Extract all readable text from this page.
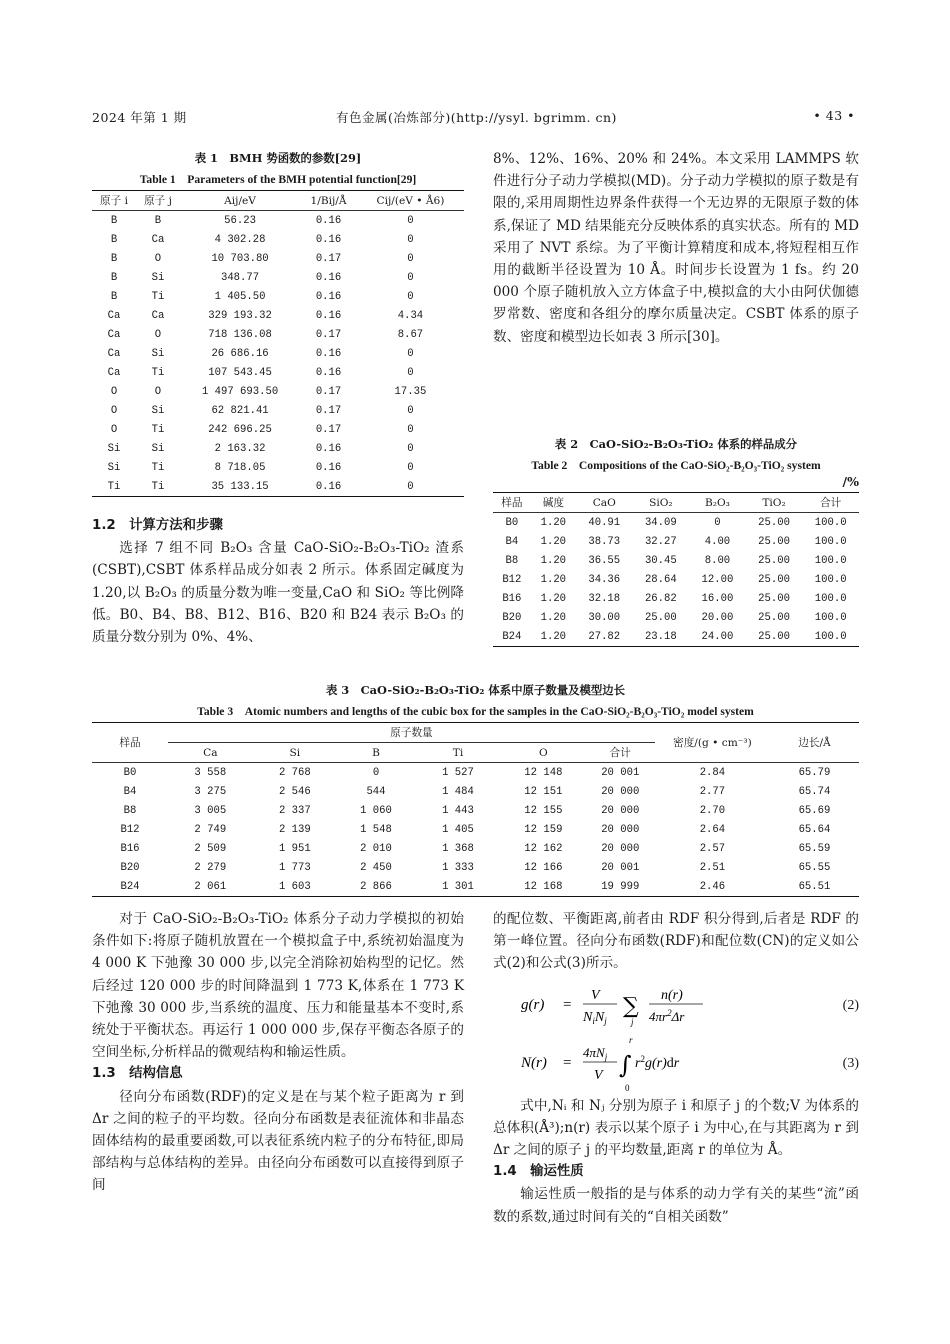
2024 年第 1 期	有色金属(冶炼部分)(http://ysyl. bgrimm. cn)	• 43 •
表 1　BMH 势函数的参数[29]
Table 1　Parameters of the BMH potential function[29]
原子 i	原子 j	Aij/eV	1/Bij/Å	Cij/(eV • Å6)
B	B	56.23	0.16	0
B	Ca	4 302.28	0.16	0
B	O	10 703.80	0.17	0
B	Si	348.77	0.16	0
B	Ti	1 405.50	0.16	0
Ca	Ca	329 193.32	0.16	4.34
Ca	O	718 136.08	0.17	8.67
Ca	Si	26 686.16	0.16	0
Ca	Ti	107 543.45	0.16	0
O	O	1 497 693.50	0.17	17.35
O	Si	62 821.41	0.17	0
O	Ti	242 696.25	0.17	0
Si	Si	2 163.32	0.16	0
Si	Ti	8 718.05	0.16	0
Ti	Ti	35 133.15	0.16	0

1.2　计算方法和步骤

选择 7 组不同 B₂O₃ 含量 CaO-SiO₂-B₂O₃-TiO₂ 渣系(CSBT),CSBT 体系样品成分如表 2 所示。体系固定碱度为 1.20,以 B₂O₃ 的质量分数为唯一变量,CaO 和 SiO₂ 等比例降低。B0、B4、B8、B12、B16、B20 和 B24 表示 B₂O₃ 的质量分数分别为 0%、4%、

8%、12%、16%、20% 和 24%。本文采用 LAMMPS 软件进行分子动力学模拟(MD)。分子动力学模拟的原子数是有限的,采用周期性边界条件获得一个无边界的无限原子数的体系,保证了 MD 结果能充分反映体系的真实状态。所有的 MD 采用了 NVT 系综。为了平衡计算精度和成本,将短程相互作用的截断半径设置为 10 Å。时间步长设置为 1 fs。约 20 000 个原子随机放入立方体盒子中,模拟盒的大小由阿伏伽德罗常数、密度和各组分的摩尔质量决定。CSBT 体系的原子数、密度和模型边长如表 3 所示[30]。

表 2　CaO-SiO₂-B₂O₃-TiO₂ 体系的样品成分
Table 2　Compositions of the CaO-SiO₂-B₂O₃-TiO₂ system
/%
样品	碱度	CaO	SiO₂	B₂O₃	TiO₂	合计
B0	1.20	40.91	34.09	0	25.00	100.0
B4	1.20	38.73	32.27	4.00	25.00	100.0
B8	1.20	36.55	30.45	8.00	25.00	100.0
B12	1.20	34.36	28.64	12.00	25.00	100.0
B16	1.20	32.18	26.82	16.00	25.00	100.0
B20	1.20	30.00	25.00	20.00	25.00	100.0
B24	1.20	27.82	23.18	24.00	25.00	100.0
表 3　CaO-SiO₂-B₂O₃-TiO₂ 体系中原子数量及模型边长
Table 3　Atomic numbers and lengths of the cubic box for the samples in the CaO-SiO₂-B₂O₃-TiO₂ model system
样品	原子数量						密度/(g • cm⁻³)	边长/Å
	Ca	Si	B	Ti	O	合计		
B0	3 558	2 768	0	1 527	12 148	20 001	2.84	65.79
B4	3 275	2 546	544	1 484	12 151	20 000	2.77	65.74
B8	3 005	2 337	1 060	1 443	12 155	20 000	2.70	65.69
B12	2 749	2 139	1 548	1 405	12 159	20 000	2.64	65.64
B16	2 509	1 951	2 010	1 368	12 162	20 000	2.57	65.59
B20	2 279	1 773	2 450	1 333	12 166	20 001	2.51	65.55
B24	2 061	1 603	2 866	1 301	12 168	19 999	2.46	65.51

对于 CaO-SiO₂-B₂O₃-TiO₂ 体系分子动力学模拟的初始条件如下:将原子随机放置在一个模拟盒子中,系统初始温度为 4 000 K 下弛豫 30 000 步,以完全消除初始构型的记忆。然后经过 120 000 步的时间降温到 1 773 K,体系在 1 773 K 下弛豫 30 000 步,当系统的温度、压力和能量基本不变时,系统处于平衡状态。再运行 1 000 000 步,保存平衡态各原子的空间坐标,分析样品的微观结构和输运性质。

1.3　结构信息

径向分布函数(RDF)的定义是在与某个粒子距离为 r 到 Δr 之间的粒子的平均数。径向分布函数是表征流体和非晶态固体结构的最重要函数,可以表征系统内粒子的分布特征,即局部结构与总体结构的差异。由径向分布函数可以直接得到原子间

的配位数、平衡距离,前者由 RDF 积分得到,后者是 RDF 的第一峰位置。径向分布函数(RDF)和配位数(CN)的定义如公式(2)和公式(3)所示。

g(r) =
V
$N_iN_j$
∑
j
n(r)
$4\pi r^2\Delta r$
(2)
N(r) =
$4\pi N_j$
V ∫
r
0
$r^2g(r)dr$	(3)

式中,Nᵢ 和 Nⱼ 分别为原子 i 和原子 j 的个数;V 为体系的总体积(Å³);n(r) 表示以某个原子 i 为中心,在与其距离为 r 到 Δr 之间的原子 j 的平均数量,距离 r 的单位为 Å。

1.4　输运性质

输运性质一般指的是与体系的动力学有关的某些“流”函数的系数,通过时间有关的“自相关函数”
